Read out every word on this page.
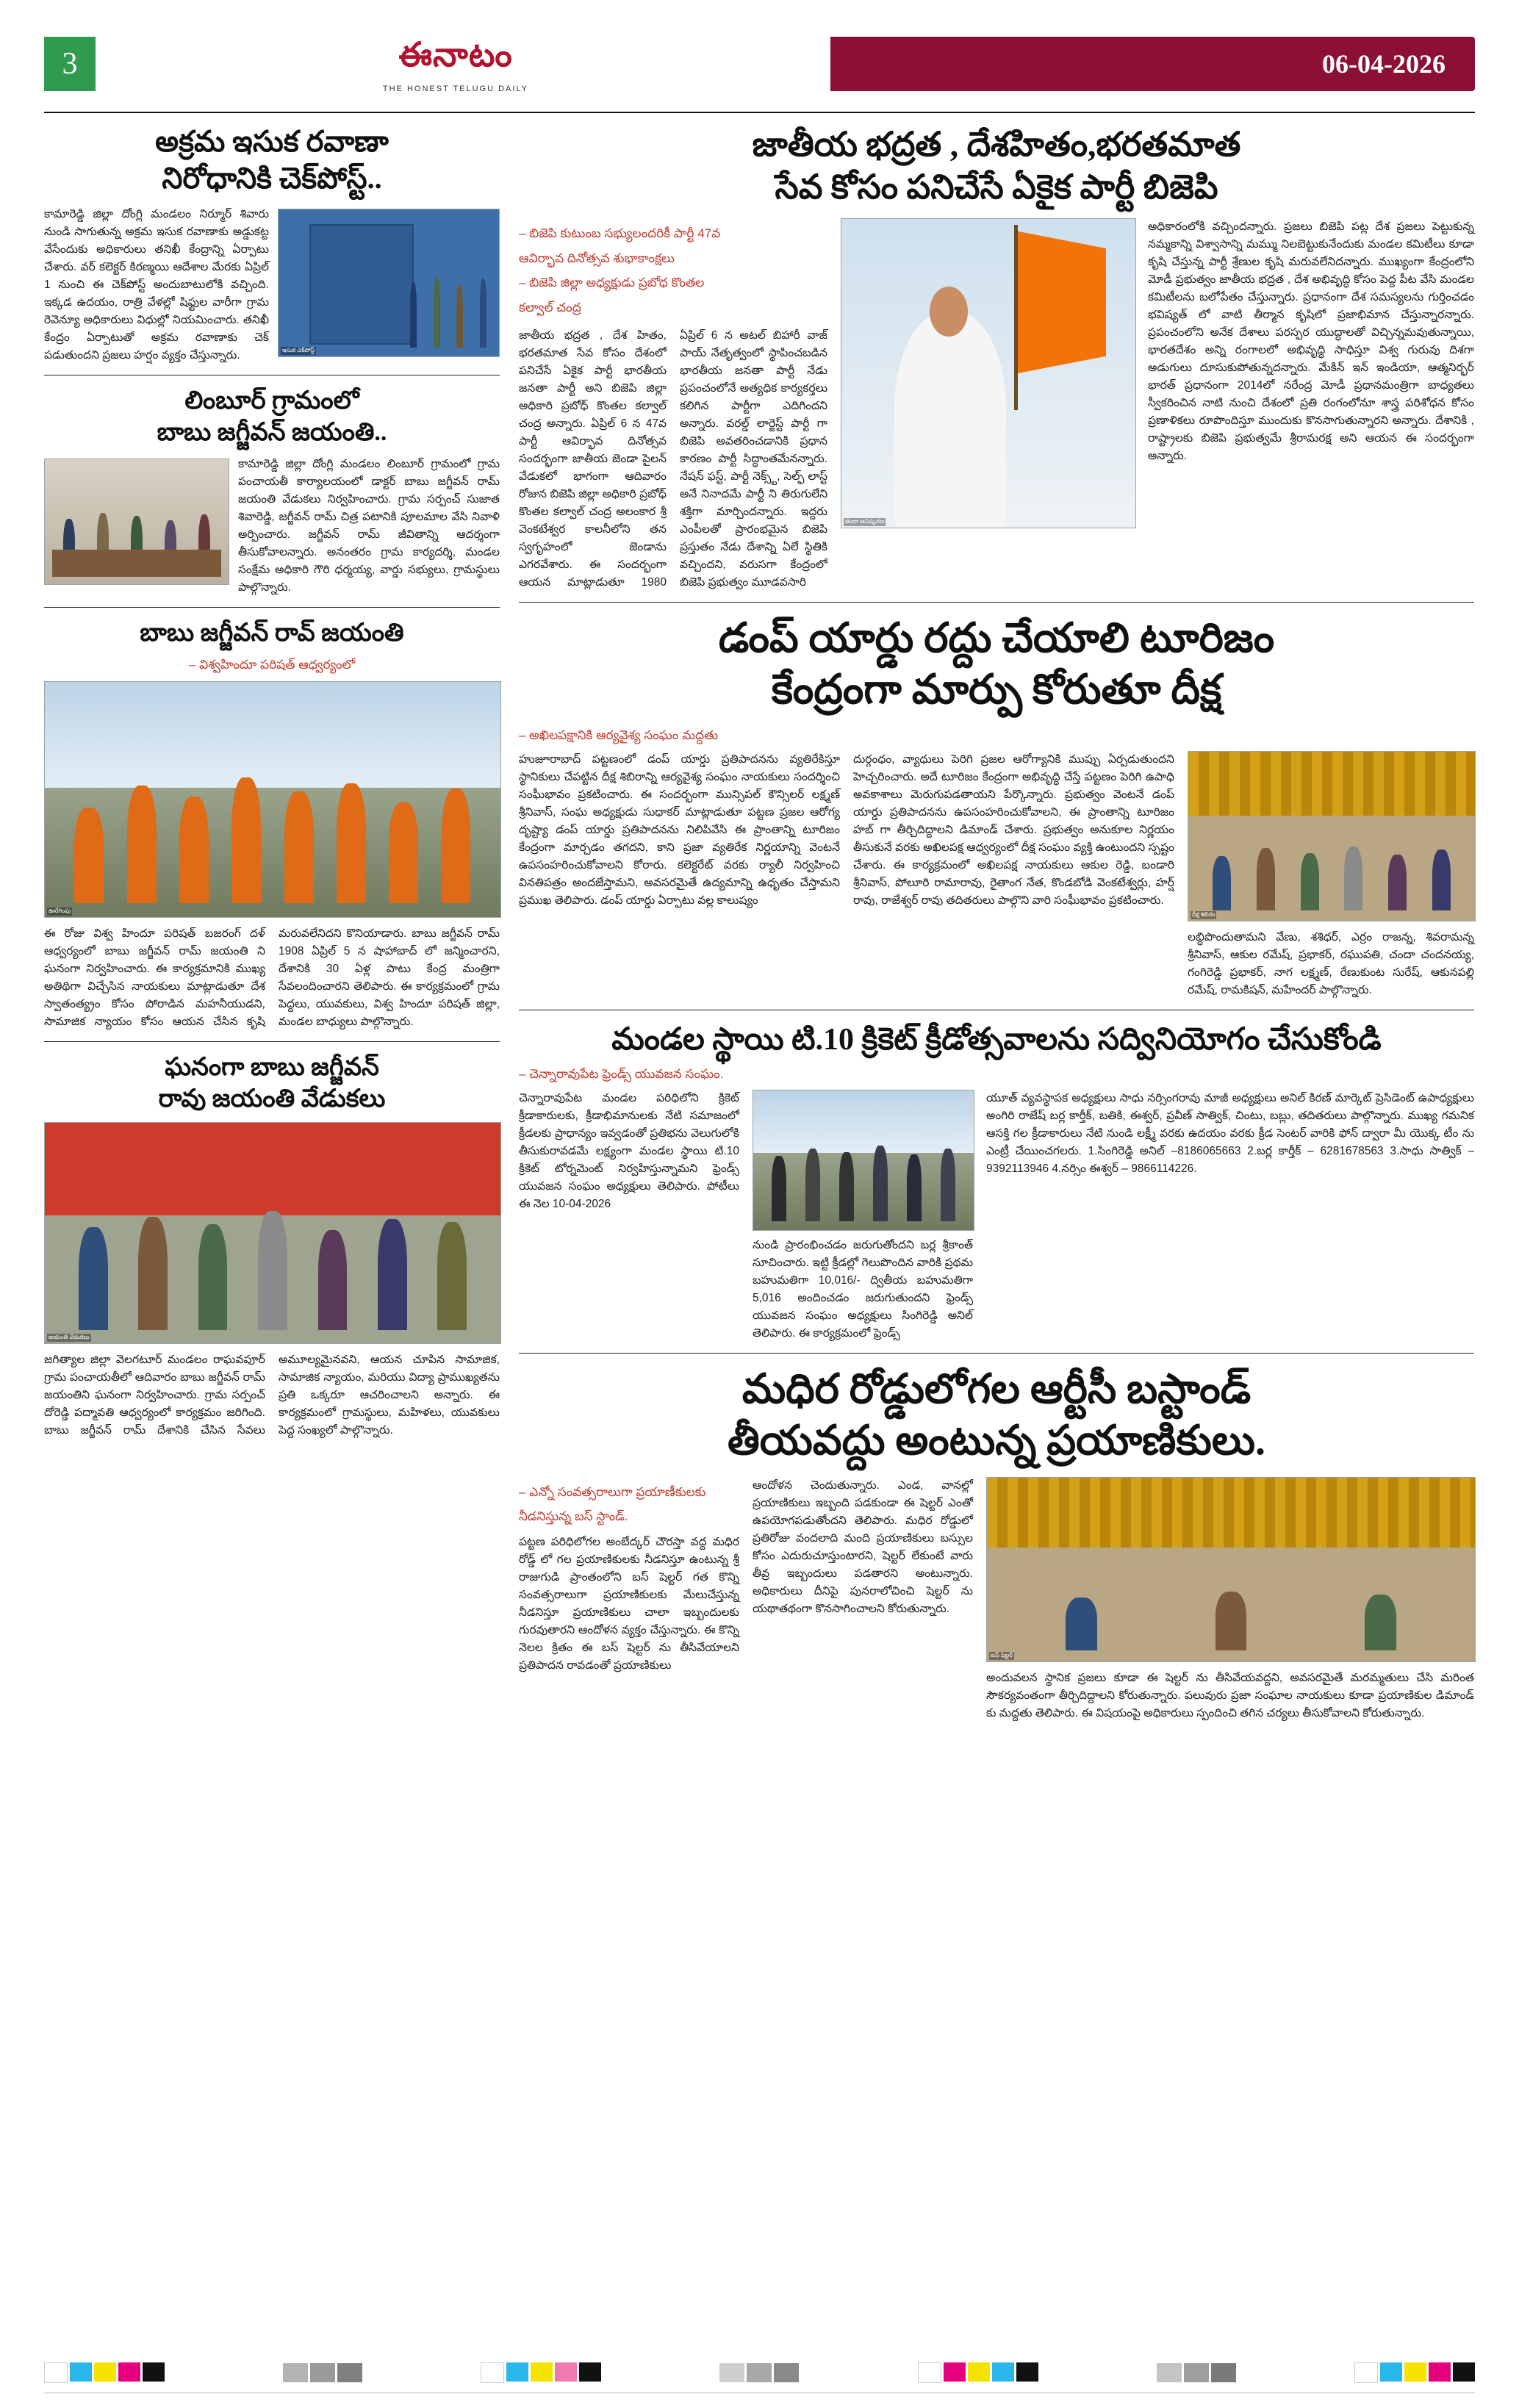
3	ఈనాటం
THE HONEST TELUGU DAILY
06-04-2026
అక్రమ ఇసుక రవాణా
నిరోధానికి చెక్‌పోస్ట్..
ఇసుక చెక్‌పోస్ట్
కామారెడ్డి జిల్లా దోంగ్లి మండలం నిర్మూర్ శివారు నుండి సాగుతున్న అక్రమ ఇసుక రవాణాకు అడ్డుకట్ట వేసేందుకు అధికారులు తనిఖీ కేంద్రాన్ని ఏర్పాటు చేశారు. వర్ కలెక్టర్ కిరణ్మయి ఆదేశాల మేరకు ఏప్రిల్ 1 నుంచి ఈ చెక్‌పోస్ట్ అందుబాటులోకి వచ్చింది. ఇక్కడ ఉదయం, రాత్రి వేళల్లో షిఫ్టుల వారీగా గ్రామ రెవెన్యూ అధికారులు విధుల్లో నియమించారు. తనిఖీ కేంద్రం ఏర్పాటుతో అక్రమ రవాణాకు చెక్ పడుతుందని ప్రజలు హర్షం వ్యక్తం చేస్తున్నారు.
లింబూర్ గ్రామంలో
బాబు జగ్జీవన్ జయంతి..
కామారెడ్డి జిల్లా దోంగ్లి మండలం లింబూర్ గ్రామంలో గ్రామ పంచాయతీ కార్యాలయంలో డాక్టర్ బాబు జగ్జీవన్ రామ్ జయంతి వేడుకలు నిర్వహించారు. గ్రామ సర్పంచ్ సుజాత శివారెడ్డి, జగ్జీవన్ రామ్ చిత్ర పటానికి పూలమాల వేసి నివాళి అర్పించారు. జగ్జీవన్ రామ్ జీవితాన్ని ఆదర్శంగా తీసుకోవాలన్నారు. అనంతరం గ్రామ కార్యదర్శి, మండల సంక్షేమ అధికారి గౌరి ధర్మయ్య, వార్డు సభ్యులు, గ్రామస్థులు పాల్గొన్నారు.
బాబు జగ్జీవన్ రావ్ జయంతి
– విశ్వహిందూ పరిషత్ ఆధ్వర్యంలో
ఊరేగింపు
ఈ రోజు విశ్వ హిందూ పరిషత్ బజరంగ్ దళ్ ఆధ్వర్యంలో బాబు జగ్జీవన్ రామ్ జయంతి ని ఘనంగా నిర్వహించారు. ఈ కార్యక్రమానికి ముఖ్య అతిథిగా విచ్చేసిన నాయకులు మాట్లాడుతూ దేశ స్వాతంత్య్రం కోసం పోరాడిన మహనీయుడని, సామాజిక న్యాయం కోసం ఆయన చేసిన కృషి మరువలేనిదని కొనియాడారు. బాబు జగ్జీవన్ రామ్ 1908 ఏప్రిల్ 5 న షాహాబాద్ లో జన్మించారని, దేశానికి 30 ఏళ్ల పాటు కేంద్ర మంత్రిగా సేవలందించారని తెలిపారు. ఈ కార్యక్రమంలో గ్రామ పెద్దలు, యువకులు, విశ్వ హిందూ పరిషత్ జిల్లా, మండల బాధ్యులు పాల్గొన్నారు.
ఘనంగా బాబు జగ్జీవన్
రావు జయంతి వేడుకలు
జయంతి వేడుకలు
జగిత్యాల జిల్లా వెలగటూర్ మండలం రాఘవపూర్ గ్రామ పంచాయతీలో ఆదివారం బాబు జగ్జీవన్ రామ్ జయంతిని ఘనంగా నిర్వహించారు. గ్రామ సర్పంచ్ దోరెడ్డి పద్మావతి ఆధ్వర్యంలో కార్యక్రమం జరిగింది. బాబు జగ్జీవన్ రామ్ దేశానికి చేసిన సేవలు అమూల్యమైనవని, ఆయన చూపిన సామాజిక, సామాజిక న్యాయం, మరియు విద్యా ప్రాముఖ్యతను ప్రతి ఒక్కరూ ఆచరించాలని అన్నారు. ఈ కార్యక్రమంలో గ్రామస్థులు, మహిళలు, యువకులు పెద్ద సంఖ్యలో పాల్గొన్నారు.
జాతీయ భద్రత , దేశహితం,భరతమాత
సేవ కోసం పనిచేసే ఏకైక పార్టీ బిజెపి
– బిజెపి కుటుంబ సభ్యులందరికీ పార్టీ 47వ
ఆవిర్భావ దినోత్సవ శుభాకాంక్షలు
– బిజెపి జిల్లా అధ్యక్షుడు ప్రబోధ కొంతల
కల్వాల్ చంద్ర
జాతీయ భద్రత , దేశ హితం, భరతమాత సేవ కోసం దేశంలో పనిచేసే ఏకైక పార్టీ భారతీయ జనతా పార్టీ అని బిజెపి జిల్లా అధికారి ప్రబోధ్ కొంతల కల్వాల్ చంద్ర అన్నారు. ఏప్రిల్ 6 న 47వ పార్టీ ఆవిర్భావ దినోత్సవ సందర్భంగా జాతీయ జెండా పైలన్ వేడుకలో భాగంగా ఆదివారం రోజున బిజెపి జిల్లా అధికారి ప్రబోధ్ కొంతల కల్వాల్ చంద్ర అలంకార శ్రీ వెంకటేశ్వర కాలనీలోని తన స్వగృహంలో జెండాను ఎగరవేశారు. ఈ సందర్భంగా ఆయన మాట్లాడుతూ 1980 ఏప్రిల్ 6 న అటల్ బిహారీ వాజ్ పాయ్ నేతృత్వంలో స్థాపించబడిన భారతీయ జనతా పార్టీ నేడు ప్రపంచంలోనే అత్యధిక కార్యకర్తలు కలిగిన పార్టీగా ఎదిగిందని అన్నారు. వరల్డ్ లార్జెస్ట్ పార్టీ గా బిజెపి అవతరించడానికి ప్రధాన కారణం పార్టీ సిద్ధాంతమేనన్నారు. నేషన్ ఫస్ట్, పార్టీ నెక్స్ట్, సెల్ఫ్ లాస్ట్ అనే నినాదమే పార్టీ ని తిరుగులేని శక్తిగా మార్చిందన్నారు. ఇద్దరు ఎంపీలతో ప్రారంభమైన బిజెపి ప్రస్తుతం నేడు దేశాన్ని ఏలే స్థితికి వచ్చిందని, వరుసగా కేంద్రంలో బిజెపి ప్రభుత్వం మూడవసారి
జెండా ఆవిష్కరణ
అధికారంలోకి వచ్చిందన్నారు. ప్రజలు బిజెపి పట్ల దేశ ప్రజలు పెట్టుకున్న నమ్మకాన్ని విశ్వాసాన్ని మమ్ము నిలబెట్టుకునేందుకు మండల కమిటీలు కూడా కృషి చేస్తున్న పార్టీ శ్రేణుల కృషి మరువలేనిదన్నారు. ముఖ్యంగా కేంద్రంలోని మోడీ ప్రభుత్వం జాతీయ భద్రత , దేశ అభివృద్ధి కోసం పెద్ద పీట వేసి మండల కమిటీలను బలోపేతం చేస్తున్నారు. ప్రధానంగా దేశ సమస్యలను గుర్తించడం భవిష్యత్ లో వాటి తీర్మాన కృషిలో ప్రజాభిమాన చేస్తున్నారన్నారు. ప్రపంచంలోని అనేక దేశాలు పరస్పర యుద్ధాలతో విచ్చిన్నమవుతున్నాయి, భారతదేశం అన్ని రంగాలలో అభివృద్ధి సాధిస్తూ విశ్వ గురువు దిశగా అడుగులు దూసుకుపోతున్నదన్నారు. మేకిన్ ఇన్ ఇండియా, ఆత్మనిర్భర్ భారత్ ప్రధానంగా 2014లో నరేంద్ర మోడీ ప్రధానమంత్రిగా బాధ్యతలు స్వీకరించిన నాటి నుంచి దేశంలో ప్రతి రంగంలోనూ శాస్త్ర పరిశోధన కోసం ప్రణాళికలు రూపొందిస్తూ ముందుకు కొనసాగుతున్నారని అన్నారు. దేశానికి , రాష్ట్రాలకు బిజెపి ప్రభుత్వమే శ్రీరామరక్ష అని ఆయన ఈ సందర్భంగా అన్నారు.
డంప్ యార్డు రద్దు చేయాలి టూరిజం
కేంద్రంగా మార్పు కోరుతూ దీక్ష
– అఖిలపక్షానికి ఆర్యవైశ్య సంఘం మద్దతు
హుజూరాబాద్ పట్టణంలో డంప్ యార్డు ప్రతిపాదనను వ్యతిరేకిస్తూ స్థానికులు చేపట్టిన దీక్ష శిబిరాన్ని ఆర్యవైశ్య సంఘం నాయకులు సందర్శించి సంఘీభావం ప్రకటించారు. ఈ సందర్భంగా మున్సిపల్ కౌన్సిలర్ లక్ష్మణ్ శ్రీనివాస్, సంఘ అధ్యక్షుడు సుధాకర్ మాట్లాడుతూ పట్టణ ప్రజల ఆరోగ్య దృష్ట్యా డంప్ యార్డు ప్రతిపాదనను నిలిపివేసి ఈ ప్రాంతాన్ని టూరిజం కేంద్రంగా మార్చడం తగదని, కాని ప్రజా వ్యతిరేక నిర్ణయాన్ని వెంటనే ఉపసంహరించుకోవాలని కోరారు. కలెక్టరేట్ వరకు ర్యాలీ నిర్వహించి వినతిపత్రం అందజేస్తామని, అవసరమైతే ఉద్యమాన్ని ఉధృతం చేస్తామని ప్రముఖ తెలిపారు. డంప్ యార్డు ఏర్పాటు వల్ల కాలుష్యం
దుర్గంధం, వ్యాధులు పెరిగి ప్రజల ఆరోగ్యానికి ముప్పు ఏర్పడుతుందని హెచ్చరించారు. అదే టూరిజం కేంద్రంగా అభివృద్ధి చేస్తే పట్టణం పెరిగి ఉపాధి అవకాశాలు మెరుగుపడతాయని పేర్కొన్నారు. ప్రభుత్వం వెంటనే డంప్ యార్డు ప్రతిపాదనను ఉపసంహరించుకోవాలని, ఈ ప్రాంతాన్ని టూరిజం హబ్ గా తీర్చిదిద్దాలని డిమాండ్ చేశారు. ప్రభుత్వం అనుకూల నిర్ణయం తీసుకునే వరకు అఖిలపక్ష ఆధ్వర్యంలో దీక్ష సంఘం వ్యక్తి ఉంటుందని స్పష్టం చేశారు. ఈ కార్యక్రమంలో అఖిలపక్ష నాయకులు ఆకుల రెడ్డి, బండారి శ్రీనివాస్, పోలూరి రామారావు, రైతాంగ నేత, కొండబోడి వెంకటేశ్వర్లు, హర్ష్ రావు, రాజేశ్వర్ రావు తదితరులు పాల్గొని వారి సంఘీభావం ప్రకటించారు.
దీక్ష శిబిరం
లబ్ధిపొందుతామని వేణు, శశిధర్, ఎర్రం రాజన్న, శివరామన్న శ్రీనివాస్, ఆకుల రమేష్, ప్రభాకర్, రఘుపతి, చందా చందనయ్య, గంగిరెడ్డి ప్రభాకర్, నాగ లక్ష్మణ్, రేణుకుంట సురేష్, ఆకునపల్లి రమేష్, రామకిషన్, మహేందర్ పాల్గొన్నారు.
మండల స్థాయి టి.10 క్రికెట్ క్రీడోత్సవాలను సద్వినియోగం చేసుకోండి
– చెన్నారావుపేట ఫ్రెండ్స్ యువజన సంఘం.
చెన్నారావుపేట మండల పరిధిలోని క్రికెట్ క్రీడాకారులకు, క్రీడాభిమానులకు నేటి సమాజంలో క్రీడలకు ప్రాధాన్యం ఇవ్వడంతో ప్రతిభను వెలుగులోకి తీసుకురావడమే లక్ష్యంగా మండల స్థాయి టి.10 క్రికెట్ టోర్నమెంట్ నిర్వహిస్తున్నామని ఫ్రెండ్స్ యువజన సంఘం అధ్యక్షులు తెలిపారు. పోటీలు ఈ నెల 10-04-2026
నుండి ప్రారంభించడం జరుగుతోందని బర్ల శ్రీకాంత్ సూచించారు. ఇట్టి క్రీడల్లో గెలుపొందిన వారికి ప్రథమ బహుమతిగా 10,016/- ద్వితీయ బహుమతిగా 5,016 అందించడం జరుగుతుందని ఫ్రెండ్స్ యువజన సంఘం అధ్యక్షులు సింగిరెడ్డి అనిల్ తెలిపారు. ఈ కార్యక్రమంలో ఫ్రెండ్స్
యూత్ వ్యవస్థాపక అధ్యక్షులు సాధు నర్సింగరావు మాజీ అధ్యక్షులు అనిల్ కిరణ్ మార్కెట్ ప్రెసిడెంట్ ఉపాధ్యక్షులు అంగిరి రాజేష్ బర్ల కార్తీక్, బతికి, ఈశ్వర్, ప్రవీణ్ సాత్విక్, చింటు, బబ్లు, తదితరులు పాల్గొన్నారు. ముఖ్య గమనిక ఆసక్తి గల క్రీడాకారులు నేటి నుండి లక్ష్మీ వరకు ఉదయం వరకు క్రీడ సెంటర్ వారికి ఫోన్ ద్వారా మీ యొక్క టీం ను ఎంట్రీ చేయించగలరు. 1.సింగిరెడ్డి అనిల్ –8186065663 2.బర్ల కార్తీక్ – 6281678563 3.సాధు సాత్విక్ – 9392113946 4.నర్సిం ఈశ్వర్ – 9866114226.
మధిర రోడ్డులోగల ఆర్టీసీ బస్టాండ్
తీయవద్దు అంటున్న ప్రయాణికులు.
– ఎన్నో సంవత్సరాలుగా ప్రయాణీకులకు
నీడనిస్తున్న బస్ స్టాండ్.
పట్టణ పరిధిలోగల అంబేద్కర్ చౌరస్తా వద్ద మధిర రోడ్డ్ లో గల ప్రయాణికులకు నీడనిస్తూ ఉంటున్న శ్రీ రాజుగుడి ప్రాంతంలోని బస్ షెల్టర్ గత కొన్ని సంవత్సరాలుగా ప్రయాణికులకు మేలుచేస్తున్న నీడనిస్తూ ప్రయాణికులు చాలా ఇబ్బందులకు గురవుతారని ఆందోళన వ్యక్తం చేస్తున్నారు. ఈ కొన్ని నెలల క్రితం ఈ బస్ షెల్టర్ ను తీసివేయాలని ప్రతిపాదన రావడంతో ప్రయాణికులు
ఆందోళన చెందుతున్నారు. ఎండ, వానల్లో ప్రయాణికులు ఇబ్బంది పడకుండా ఈ షెల్టర్ ఎంతో ఉపయోగపడుతోందని తెలిపారు. మధిర రోడ్డులో ప్రతిరోజు వందలాది మంది ప్రయాణికులు బస్సుల కోసం ఎదురుచూస్తుంటారని, షెల్టర్ లేకుంటే వారు తీవ్ర ఇబ్బందులు పడతారని అంటున్నారు. అధికారులు దీనిపై పునరాలోచించి షెల్టర్ ను యథాతథంగా కొనసాగించాలని కోరుతున్నారు.
బస్ షెల్టర్
అందువలన స్థానిక ప్రజలు కూడా ఈ షెల్టర్ ను తీసివేయవద్దని, అవసరమైతే మరమ్మతులు చేసి మరింత సౌకర్యవంతంగా తీర్చిదిద్దాలని కోరుతున్నారు. పలువురు ప్రజా సంఘాల నాయకులు కూడా ప్రయాణికుల డిమాండ్ కు మద్దతు తెలిపారు. ఈ విషయంపై అధికారులు స్పందించి తగిన చర్యలు తీసుకోవాలని కోరుతున్నారు.
